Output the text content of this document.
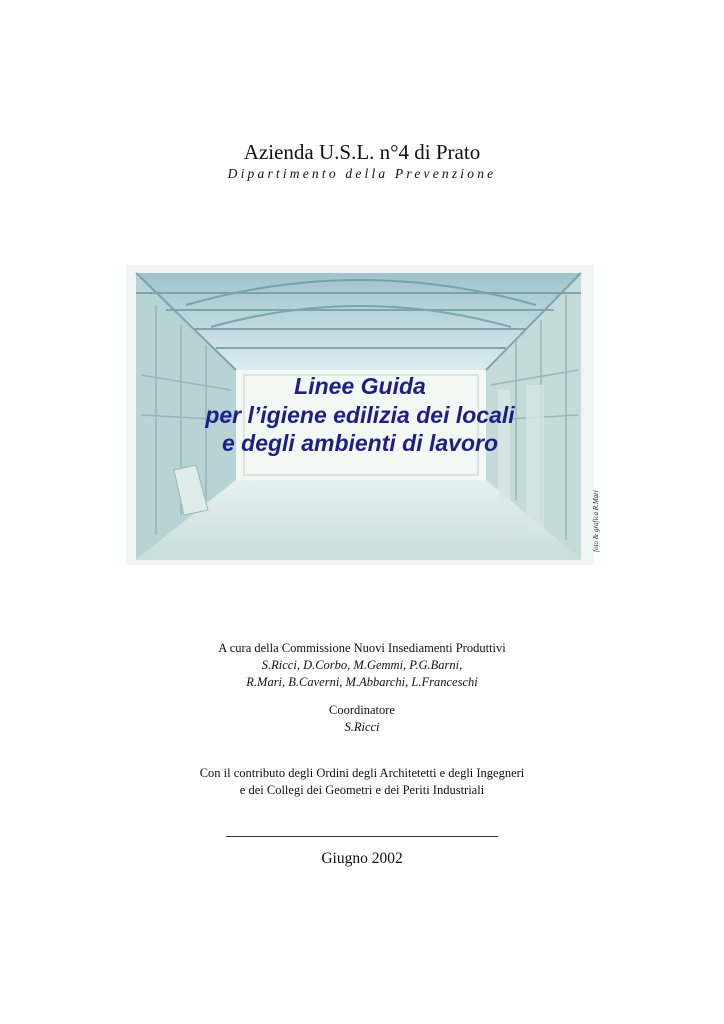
Azienda U.S.L. n°4 di Prato
Dipartimento della Prevenzione
Linee Guida
per l’igiene edilizia dei locali
e degli ambienti di lavoro
foto & grafica R.Mari
A cura della Commissione Nuovi Insediamenti Produttivi
S.Ricci, D.Corbo, M.Gemmi, P.G.Barni,
R.Mari, B.Caverni, M.Abbarchi, L.Franceschi
Coordinatore
S.Ricci
Con il contributo degli Ordini degli Architetetti e degli Ingegneri
e dei Collegi dei Geometri e dei Periti Industriali
Giugno 2002
